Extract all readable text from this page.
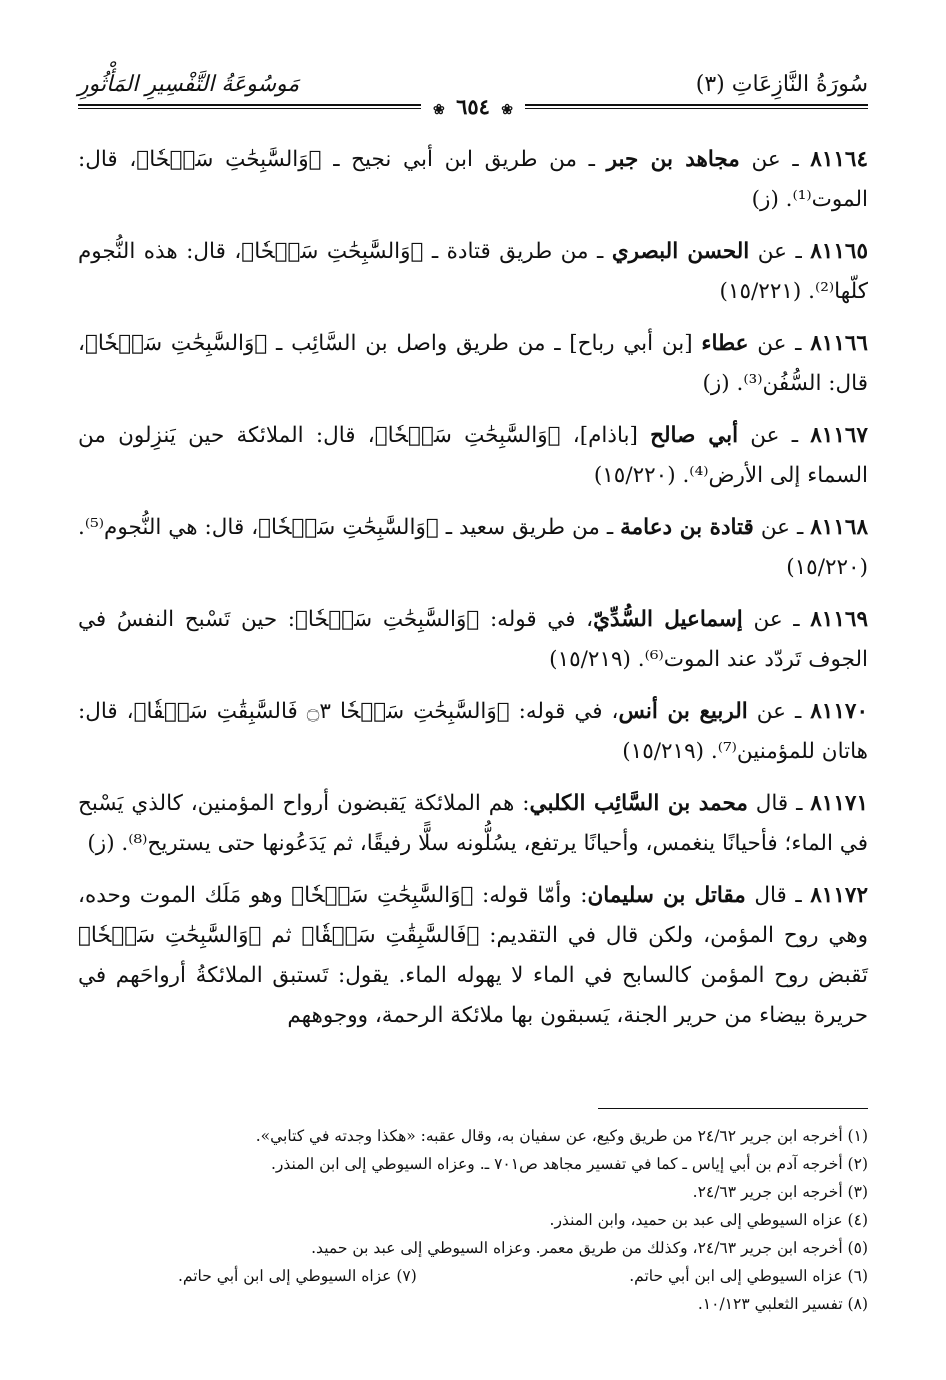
سُورَةُ النَّازِعَاتِ (٣)
مَوسُوعَةُ التَّفْسِيرِ المَأْثُورِ
❀ ٦٥٤ ❀

٨١١٦٤ ـ عن مجاهد بن جبر ـ من طريق ابن أبي نجيح ـ ﴿وَالسَّٰبِحَٰتِ سَبۡحٗا﴾، قال: الموت⁽¹⁾. (ز)

٨١١٦٥ ـ عن الحسن البصري ـ من طريق قتادة ـ ﴿وَالسَّٰبِحَٰتِ سَبۡحٗا﴾، قال: هذه النُّجوم كلّها⁽²⁾. (١٥/٢٢١)

٨١١٦٦ ـ عن عطاء [بن أبي رباح] ـ من طريق واصل بن السَّائِب ـ ﴿وَالسَّٰبِحَٰتِ سَبۡحٗا﴾، قال: السُّفُن⁽³⁾. (ز)

٨١١٦٧ ـ عن أبي صالح [باذام]، ﴿وَالسَّٰبِحَٰتِ سَبۡحٗا﴾، قال: الملائكة حين يَنزِلون من السماء إلى الأرض⁽⁴⁾. (١٥/٢٢٠)

٨١١٦٨ ـ عن قتادة بن دعامة ـ من طريق سعيد ـ ﴿وَالسَّٰبِحَٰتِ سَبۡحٗا﴾، قال: هي النُّجوم⁽⁵⁾. (١٥/٢٢٠)

٨١١٦٩ ـ عن إسماعيل السُّدِّيّ، في قوله: ﴿وَالسَّٰبِحَٰتِ سَبۡحٗا﴾: حين تَسْبح النفسُ في الجوف تَردّد عند الموت⁽⁶⁾. (١٥/٢١٩)

٨١١٧٠ ـ عن الربيع بن أنس، في قوله: ﴿وَالسَّٰبِحَٰتِ سَبۡحٗا ۝٣ فَالسَّٰبِقَٰتِ سَبۡقٗا﴾، قال: هاتان للمؤمنين⁽⁷⁾. (١٥/٢١٩)

٨١١٧١ ـ قال محمد بن السَّائِب الكلبي: هم الملائكة يَقبضون أرواح المؤمنين، كالذي يَسْبح في الماء؛ فأحيانًا ينغمس، وأحيانًا يرتفع، يسُلُّونه سلًّا رفيقًا، ثم يَدَعُونها حتى يستريح⁽⁸⁾. (ز)

٨١١٧٢ ـ قال مقاتل بن سليمان: وأمّا قوله: ﴿وَالسَّٰبِحَٰتِ سَبۡحٗا﴾ وهو مَلَك الموت وحده، وهي روح المؤمن، ولكن قال في التقديم: ﴿فَالسَّٰبِقَٰتِ سَبۡقٗا﴾ ثم ﴿وَالسَّٰبِحَٰتِ سَبۡحٗا﴾ تَقبض روح المؤمن كالسابح في الماء لا يهوله الماء. يقول: تَستبق الملائكةُ أرواحَهم في حريرة بيضاء من حرير الجنة، يَسبقون بها ملائكة الرحمة، ووجوههم

(١) أخرجه ابن جرير ٢٤/٦٢ من طريق وكيع، عن سفيان به، وقال عقبه: «هكذا وجدته في كتابي».
(٢) أخرجه آدم بن أبي إياس ـ كما في تفسير مجاهد ص٧٠١ ـ. وعزاه السيوطي إلى ابن المنذر.
(٣) أخرجه ابن جرير ٢٤/٦٣.
(٤) عزاه السيوطي إلى عبد بن حميد، وابن المنذر.
(٥) أخرجه ابن جرير ٢٤/٦٣، وكذلك من طريق معمر. وعزاه السيوطي إلى عبد بن حميد.
(٦) عزاه السيوطي إلى ابن أبي حاتم.
(٧) عزاه السيوطي إلى ابن أبي حاتم.
(٨) تفسير الثعلبي ١٠/١٢٣.
